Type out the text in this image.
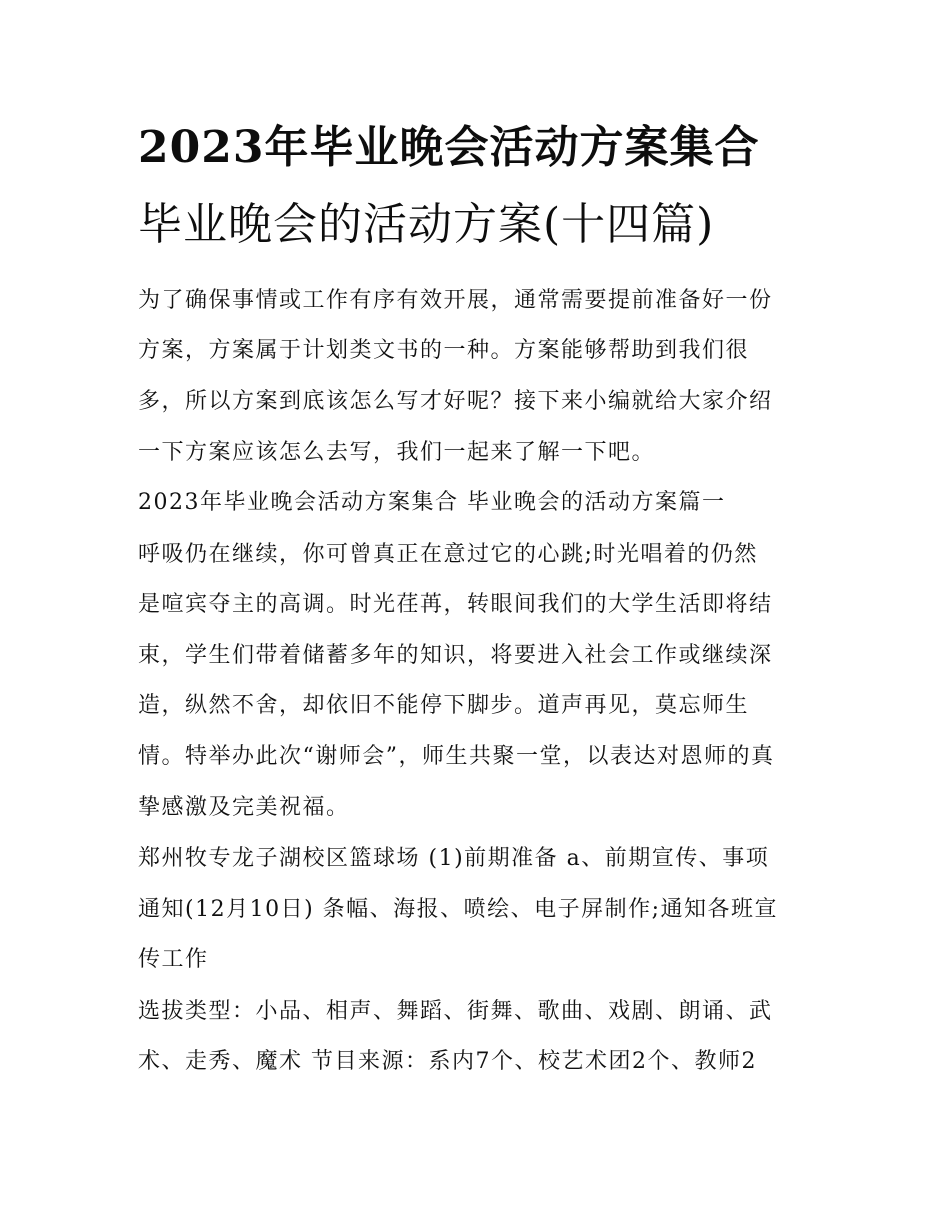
2023年毕业晚会活动方案集合
毕业晚会的活动方案(十四篇)
为了确保事情或工作有序有效开展，通常需要提前准备好一份
方案，方案属于计划类文书的一种。方案能够帮助到我们很
多，所以方案到底该怎么写才好呢？接下来小编就给大家介绍
一下方案应该怎么去写，我们一起来了解一下吧。
2023年毕业晚会活动方案集合 毕业晚会的活动方案篇一
呼吸仍在继续，你可曾真正在意过它的心跳;时光唱着的仍然
是喧宾夺主的高调。时光荏苒，转眼间我们的大学生活即将结
束，学生们带着储蓄多年的知识，将要进入社会工作或继续深
造，纵然不舍，却依旧不能停下脚步。道声再见，莫忘师生
情。特举办此次“谢师会”，师生共聚一堂，以表达对恩师的真
挚感激及完美祝福。
郑州牧专龙子湖校区篮球场 (1)前期准备 a、前期宣传、事项
通知(12月10日) 条幅、海报、喷绘、电子屏制作;通知各班宣
传工作
选拔类型：小品、相声、舞蹈、街舞、歌曲、戏剧、朗诵、武
术、走秀、魔术 节目来源：系内7个、校艺术团2个、教师2
